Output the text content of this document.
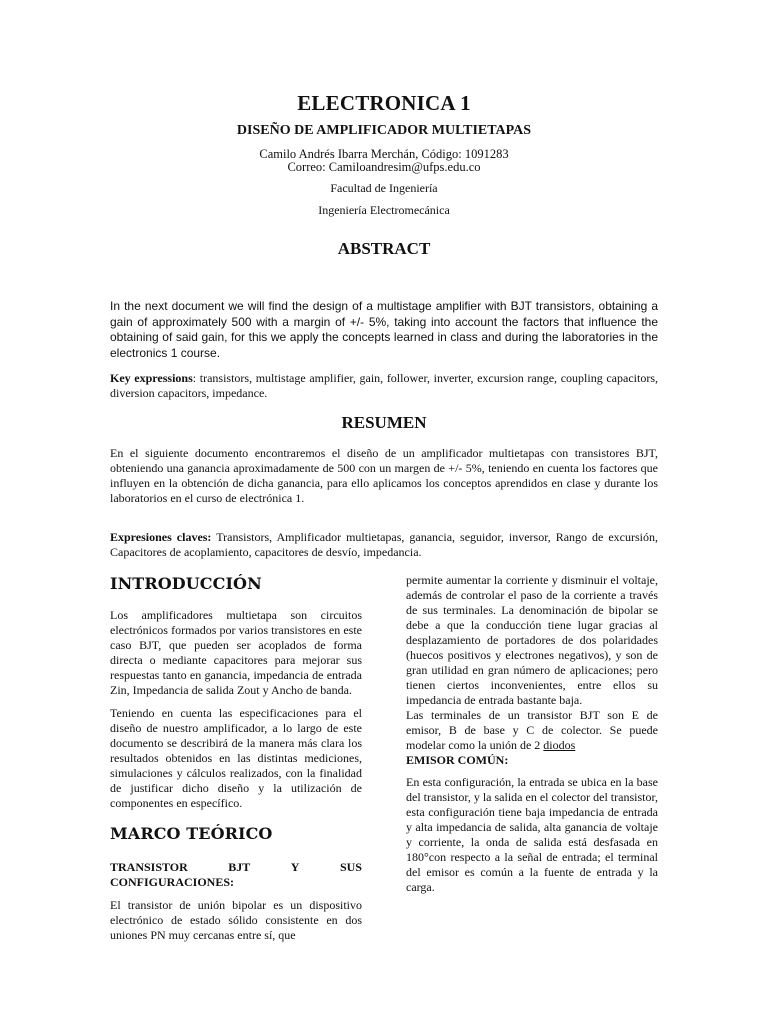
ELECTRONICA 1
DISEÑO DE AMPLIFICADOR MULTIETAPAS
Camilo Andrés Ibarra Merchán, Código: 1091283
Correo: Camiloandresim@ufps.edu.co
Facultad de Ingeniería
Ingeniería Electromecánica
ABSTRACT
In the next document we will find the design of a multistage amplifier with BJT transistors, obtaining a gain of approximately 500 with a margin of +/- 5%, taking into account the factors that influence the obtaining of said gain, for this we apply the concepts learned in class and during the laboratories in the electronics 1 course.
Key expressions: transistors, multistage amplifier, gain, follower, inverter, excursion range, coupling capacitors, diversion capacitors, impedance.
RESUMEN
En el siguiente documento encontraremos el diseño de un amplificador multietapas con transistores BJT, obteniendo una ganancia aproximadamente de 500 con un margen de +/- 5%, teniendo en cuenta los factores que influyen en la obtención de dicha ganancia, para ello aplicamos los conceptos aprendidos en clase y durante los laboratorios en el curso de electrónica 1.
Expresiones claves: Transistors, Amplificador multietapas, ganancia, seguidor, inversor, Rango de excursión, Capacitores de acoplamiento, capacitores de desvío, impedancia.
INTRODUCCIÓN

Los amplificadores multietapa son circuitos electrónicos formados por varios transistores en este caso BJT, que pueden ser acoplados de forma directa o mediante capacitores para mejorar sus respuestas tanto en ganancia, impedancia de entrada Zin, Impedancia de salida Zout y Ancho de banda.

Teniendo en cuenta las especificaciones para el diseño de nuestro amplificador, a lo largo de este documento se describirá de la manera más clara los resultados obtenidos en las distintas mediciones, simulaciones y cálculos realizados, con la finalidad de justificar dicho diseño y la utilización de componentes en específico.

MARCO TEÓRICO
TRANSISTOR	BJT	Y	SUS
CONFIGURACIONES:

El transistor de unión bipolar es un dispositivo electrónico de estado sólido consistente en dos uniones PN muy cercanas entre sí, que

permite aumentar la corriente y disminuir el voltaje, además de controlar el paso de la corriente a través de sus terminales. La denominación de bipolar se debe a que la conducción tiene lugar gracias al desplazamiento de portadores de dos polaridades (huecos positivos y electrones negativos), y son de gran utilidad en gran número de aplicaciones; pero tienen ciertos inconvenientes, entre ellos su impedancia de entrada bastante baja.

Las terminales de un transistor BJT son E de emisor, B de base y C de colector. Se puede modelar como la unión de 2 diodos

EMISOR COMÚN:

En esta configuración, la entrada se ubica en la base del transistor, y la salida en el colector del transistor, esta configuración tiene baja impedancia de entrada y alta impedancia de salida, alta ganancia de voltaje y corriente, la onda de salida está desfasada en 180°con respecto a la señal de entrada; el terminal del emisor es común a la fuente de entrada y la carga.
